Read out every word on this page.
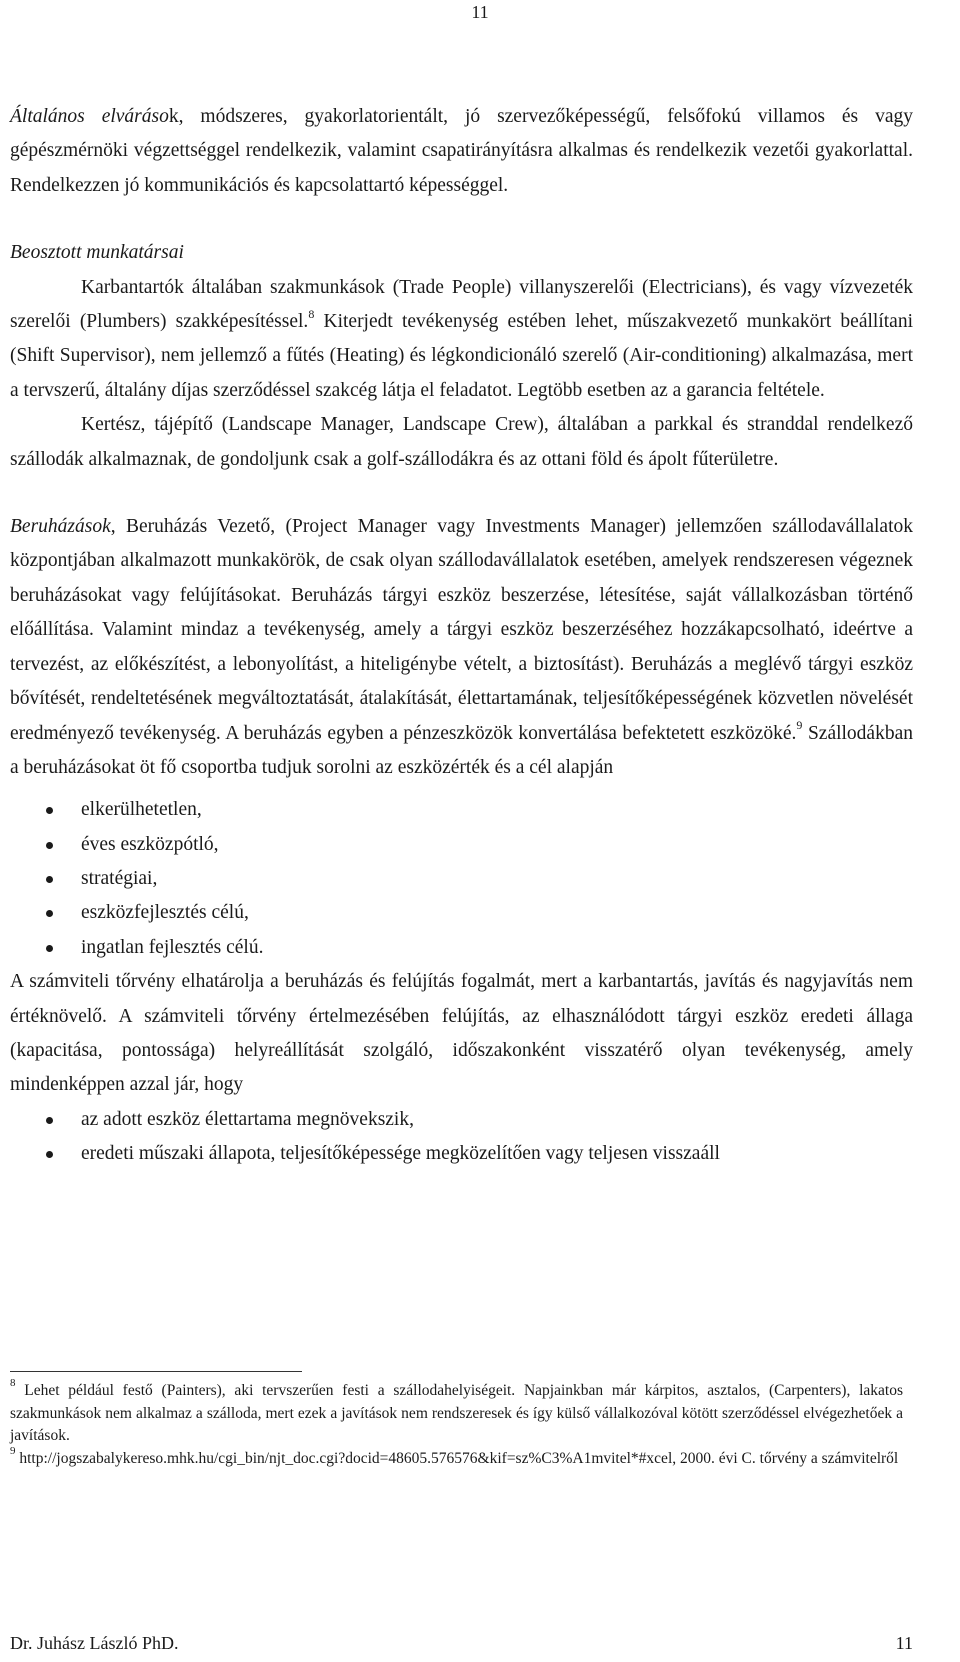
11

Általános elvárások, módszeres, gyakorlatorientált, jó szervezőképességű, felsőfokú villamos és vagy gépészmérnöki végzettséggel rendelkezik, valamint csapatirányításra alkalmas és rendelkezik vezetői gyakorlattal. Rendelkezzen jó kommunikációs és kapcsolattartó képességgel.

Beosztott munkatársai

Karbantartók általában szakmunkások (Trade People) villanyszerelői (Electricians), és vagy vízvezeték szerelői (Plumbers) szakképesítéssel.$^8$ Kiterjedt tevékenység estében lehet, műszakvezető munkakört beállítani (Shift Supervisor), nem jellemző a fűtés (Heating) és légkondicionáló szerelő (Air-conditioning) alkalmazása, mert a tervszerű, általány díjas szerződéssel szakcég látja el feladatot. Legtöbb esetben az a garancia feltétele.

Kertész, tájépítő (Landscape Manager, Landscape Crew), általában a parkkal és stranddal rendelkező szállodák alkalmaznak, de gondoljunk csak a golf-szállodákra és az ottani föld és ápolt fűterületre.

Beruházások, Beruházás Vezető, (Project Manager vagy Investments Manager) jellemzően szállodavállalatok központjában alkalmazott munkakörök, de csak olyan szállodavállalatok esetében, amelyek rendszeresen végeznek beruházásokat vagy felújításokat. Beruházás tárgyi eszköz beszerzése, létesítése, saját vállalkozásban történő előállítása. Valamint mindaz a tevékenység, amely a tárgyi eszköz beszerzéséhez hozzákapcsolható, ideértve a tervezést, az előkészítést, a lebonyolítást, a hiteligénybe vételt, a biztosítást). Beruházás a meglévő tárgyi eszköz bővítését, rendeltetésének megváltoztatását, átalakítását, élettartamának, teljesítőképességének közvetlen növelését eredményező tevékenység. A beruházás egyben a pénzeszközök konvertálása befektetett eszközöké.$^9$ Szállodákban a beruházásokat öt fő csoportba tudjuk sorolni az eszközérték és a cél alapján

elkerülhetetlen,
éves eszközpótló,
stratégiai,
eszközfejlesztés célú,
ingatlan fejlesztés célú.

A számviteli tőrvény elhatárolja a beruházás és felújítás fogalmát, mert a karbantartás, javítás és nagyjavítás nem értéknövelő. A számviteli tőrvény értelmezésében felújítás, az elhasználódott tárgyi eszköz eredeti állaga (kapacitása, pontossága) helyreállítását szolgáló, időszakonként visszatérő olyan tevékenység, amely mindenképpen azzal jár, hogy

az adott eszköz élettartama megnövekszik,
eredeti műszaki állapota, teljesítőképessége megközelítően vagy teljesen visszaáll

$^8$ Lehet például festő (Painters), aki tervszerűen festi a szállodahelyiségeit. Napjainkban már kárpitos, asztalos, (Carpenters), lakatos szakmunkások nem alkalmaz a szálloda, mert ezek a javítások nem rendszeresek és így külső vállalkozóval kötött szerződéssel elvégezhetőek a javítások.

$^9$ http://jogszabalykereso.mhk.hu/cgi_bin/njt_doc.cgi?docid=48605.576576&kif=sz%C3%A1mvitel*#xcel, 2000. évi C. tőrvény a számvitelről

Dr. Juhász László PhD.	11
